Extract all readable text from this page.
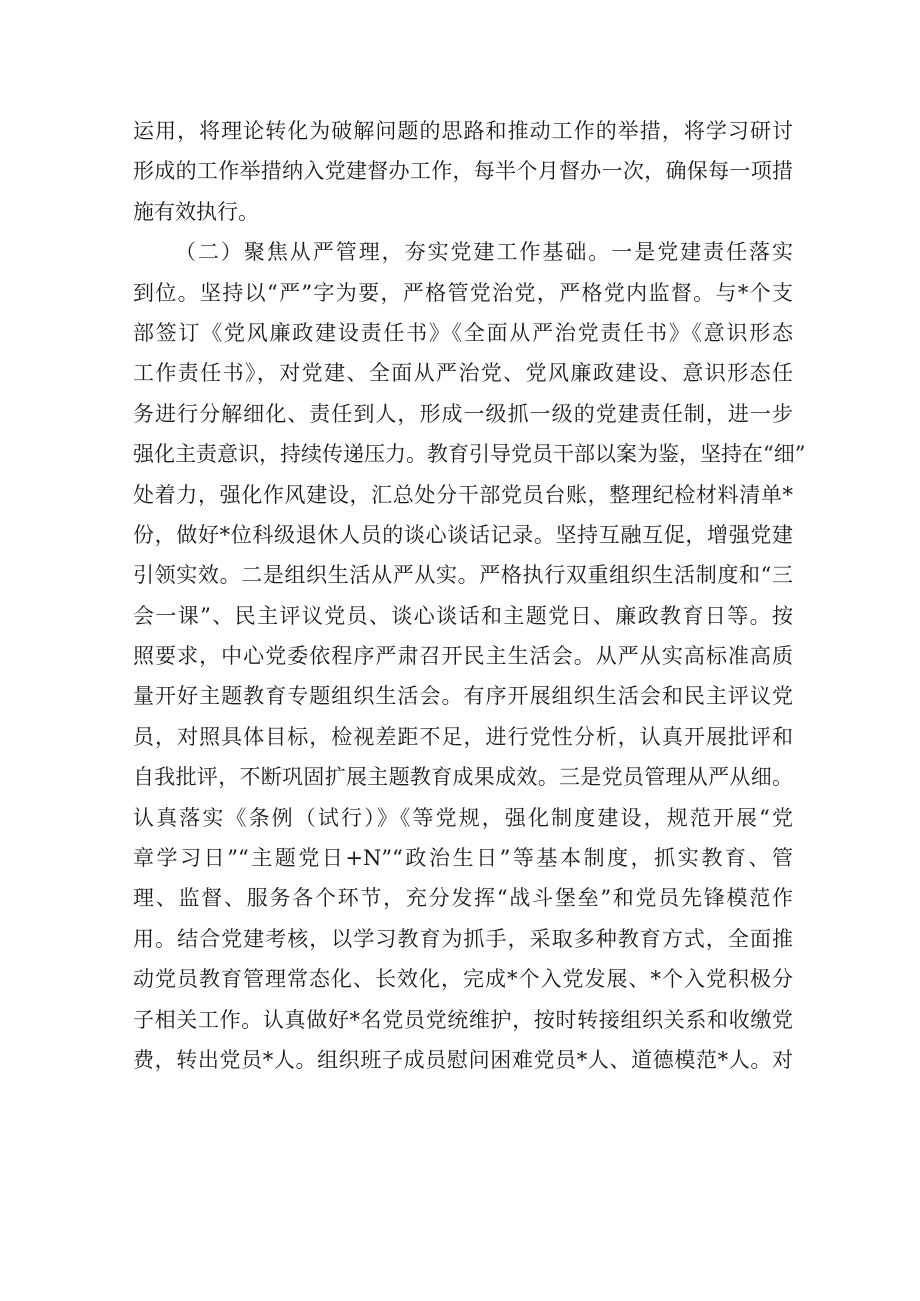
运用，将理论转化为破解问题的思路和推动工作的举措，将学习研讨
形成的工作举措纳入党建督办工作，每半个月督办一次，确保每一项措
施有效执行。
（二）聚焦从严管理，夯实党建工作基础。一是党建责任落实
到位。坚持以“严”字为要，严格管党治党，严格党内监督。与*个支
部签订《党风廉政建设责任书》《全面从严治党责任书》《意识形态
工作责任书》，对党建、全面从严治党、党风廉政建设、意识形态任
务进行分解细化、责任到人，形成一级抓一级的党建责任制，进一步
强化主责意识，持续传递压力。教育引导党员干部以案为鉴，坚持在“细”
处着力，强化作风建设，汇总处分干部党员台账，整理纪检材料清单*
份，做好*位科级退休人员的谈心谈话记录。坚持互融互促，增强党建
引领实效。二是组织生活从严从实。严格执行双重组织生活制度和“三
会一课”、民主评议党员、谈心谈话和主题党日、廉政教育日等。按
照要求，中心党委依程序严肃召开民主生活会。从严从实高标准高质
量开好主题教育专题组织生活会。有序开展组织生活会和民主评议党
员，对照具体目标，检视差距不足，进行党性分析，认真开展批评和
自我批评，不断巩固扩展主题教育成果成效。三是党员管理从严从细。
认真落实《条例（试行）》《等党规，强化制度建设，规范开展“党
章学习日”“主题党日+N”“政治生日”等基本制度，抓实教育、管
理、监督、服务各个环节，充分发挥“战斗堡垒”和党员先锋模范作
用。结合党建考核，以学习教育为抓手，采取多种教育方式，全面推
动党员教育管理常态化、长效化，完成*个入党发展、*个入党积极分
子相关工作。认真做好*名党员党统维护，按时转接组织关系和收缴党
费，转出党员*人。组织班子成员慰问困难党员*人、道德模范*人。对
